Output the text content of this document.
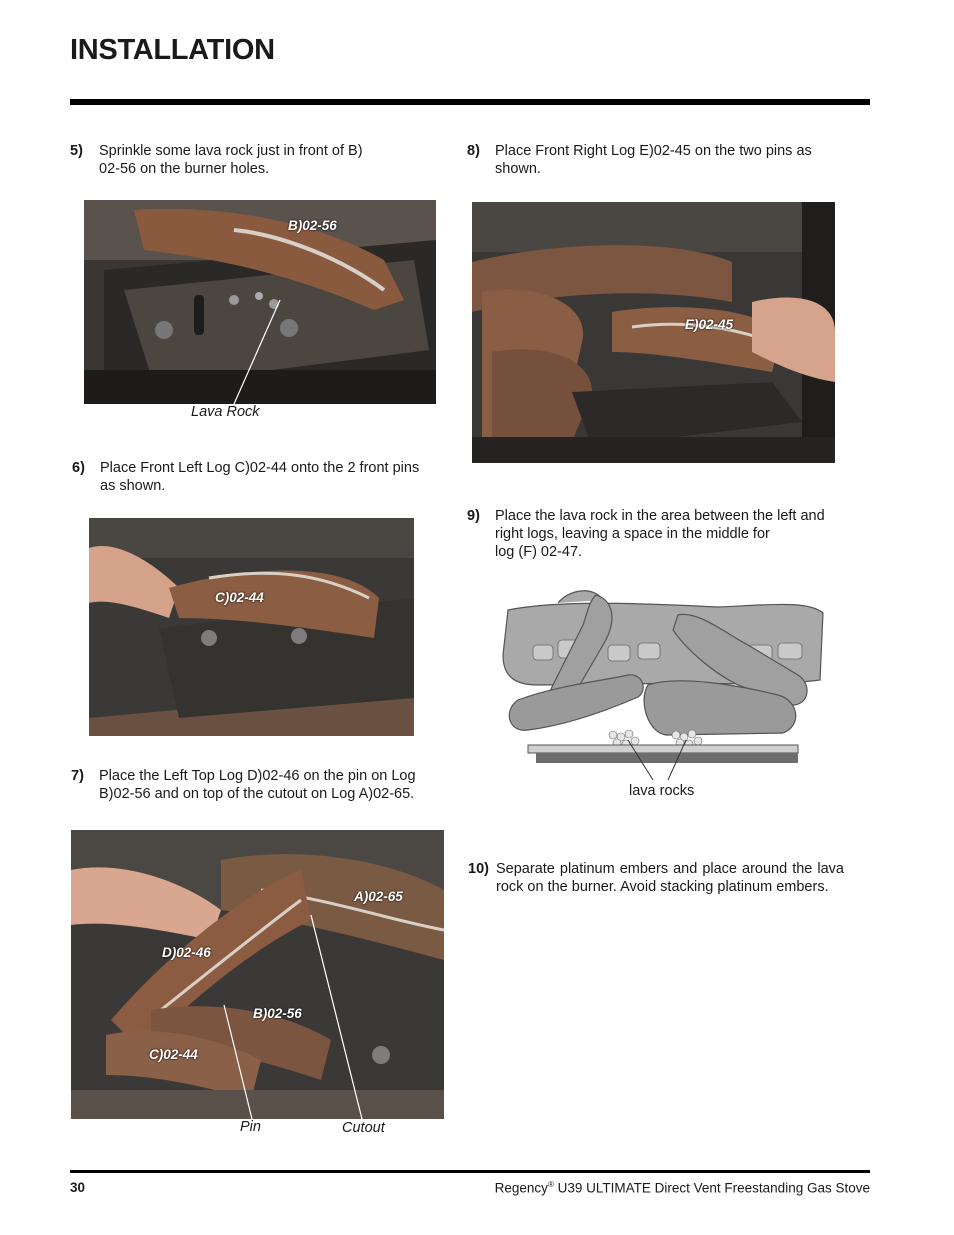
INSTALLATION
5)	Sprinkle some lava rock just in front of B)
02-56 on the burner holes.
B)02-56
Lava Rock
6)	Place Front Left Log C)02-44 onto the 2 front pins
as shown.
C)02-44
7)	Place the Left Top Log D)02-46 on the pin on Log
B)02-56 and on top of the cutout on Log A)02-65.
A)02-65
D)02-46
B)02-56
C)02-44
Pin	Cutout
8)	Place Front Right Log E)02-45 on the two pins as
shown.
E)02-45
9)	Place the lava rock in the area between the left and
right logs, leaving a space in the middle for
log (F) 02-47.
lava rocks
10) Separate platinum embers and place around the lava rock on the burner. Avoid stacking platinum embers.
30	Regency® U39 ULTIMATE Direct Vent Freestanding Gas Stove
